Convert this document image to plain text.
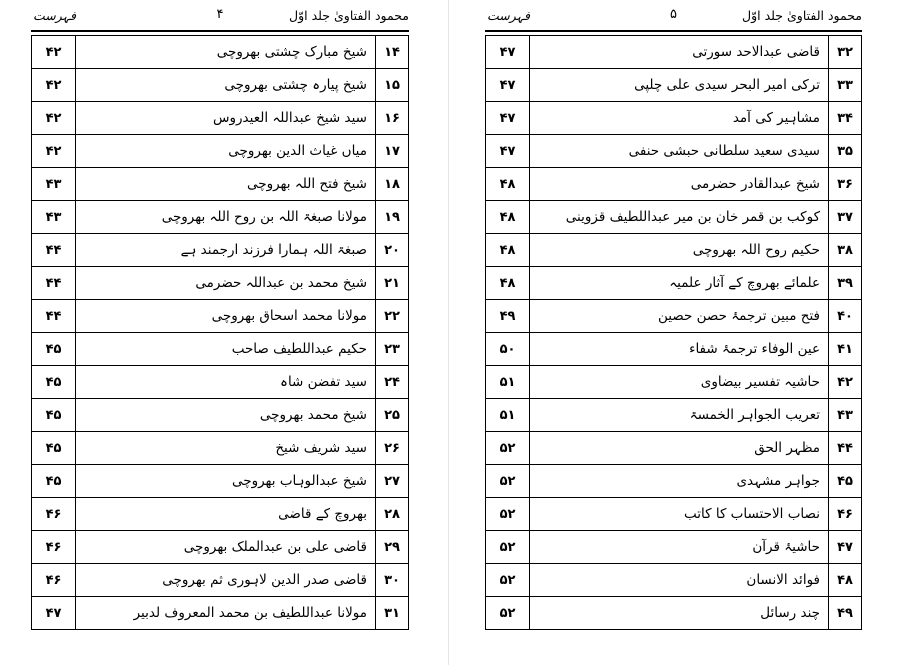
محمود الفتاویٰ جلد اوّل
۴
فہرست
۴۲	شیخ مبارک چشتی بھروچی	۱۴
۴۲	شیخ پیارہ چشتی بھروچی	۱۵
۴۲	سید شیخ عبداللہ العیدروس	۱۶
۴۲	میاں غیاث الدین بھروچی	۱۷
۴۳	شیخ فتح اللہ بھروچی	۱۸
۴۳	مولانا صبغۃ اللہ بن روح اللہ بھروچی	۱۹
۴۴	صبغۃ اللہ ہمارا فرزند ارجمند ہے	۲۰
۴۴	شیخ محمد بن عبداللہ حضرمی	۲۱
۴۴	مولانا محمد اسحاق بھروچی	۲۲
۴۵	حکیم عبداللطیف صاحب	۲۳
۴۵	سید تفضن شاہ	۲۴
۴۵	شیخ محمد بھروچی	۲۵
۴۵	سید شریف شیخ	۲۶
۴۵	شیخ عبدالوہاب بھروچی	۲۷
۴۶	بھروچ کے قاضی	۲۸
۴۶	قاضی علی بن عبدالملک بھروچی	۲۹
۴۶	قاضی صدر الدین لاہوری ثم بھروچی	۳۰
۴۷	مولانا عبداللطیف بن محمد المعروف لدبیر	۳۱
محمود الفتاویٰ جلد اوّل
۵
فہرست
۴۷	قاضی عبدالاحد سورتی	۳۲
۴۷	ترکی امیر البحر سیدی علی چلپی	۳۳
۴۷	مشاہیر کی آمد	۳۴
۴۷	سیدی سعید سلطانی حبشی حنفی	۳۵
۴۸	شیخ عبدالقادر حضرمی	۳۶
۴۸	کوکب بن قمر خان بن میر عبداللطیف قزوینی	۳۷
۴۸	حکیم روح اللہ بھروچی	۳۸
۴۸	علمائے بھروچ کے آثار علمیہ	۳۹
۴۹	فتح مبین ترجمۂ حصن حصین	۴۰
۵۰	عین الوفاء ترجمۂ شفاء	۴۱
۵۱	حاشیہ تفسیر بیضاوی	۴۲
۵۱	تعریب الجواہر الخمسۃ	۴۳
۵۲	مظہر الحق	۴۴
۵۲	جواہر مشہدی	۴۵
۵۲	نصاب الاحتساب کا کاتب	۴۶
۵۲	حاشیۂ قرآن	۴۷
۵۲	فوائد الانسان	۴۸
۵۲	چند رسائل	۴۹
